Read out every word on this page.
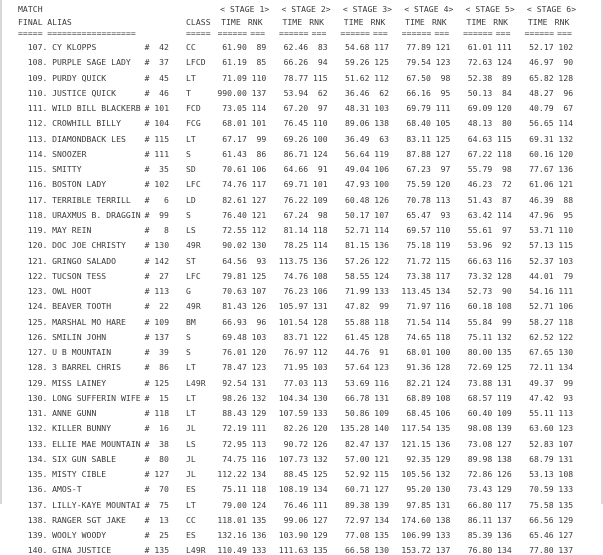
MATCH	< STAGE 1> < STAGE 2> < STAGE 3> < STAGE 4> < STAGE 5> < STAGE 6>
FINAL ALIAS	CLASS TIME RNK TIME RNK TIME RNK TIME RNK TIME RNK TIME RNK
===== ==================	===== ====== === ====== === ====== === ====== === ====== === ====== ===
107. CY KLOPPS	#	42 CC	61.90	89	62.46	83	54.68 117	77.89 121	61.01 111	52.17 102
108. PURPLE SAGE LADY #	37 LFCD	61.19	85	66.26	94	59.26 125	79.54 123	72.63 124	46.97	90
109. PURDY QUICK	#	45 LT	71.09 110	78.77 115	51.62 112	67.50	98	52.38	89	65.82 128
110. JUSTICE QUICK	#	46 T	990.00 137	53.94	62	36.46	62	66.16	95	50.13	84	48.27	96
111. WILD BILL BLACKERB # 101 FCD	73.05 114	67.20	97	48.31 103	69.79 111	69.09 120	40.79	67
112. CROWHILL BILLY	# 104 FCG	68.01 101	76.45 110	89.06 138	68.40 105	48.13	80	56.65 114
113. DIAMONDBACK LES # 115 LT	67.17	99	69.26 100	36.49	63	83.11 125	64.63 115	69.31 132
114. SNOOZER	# 111 S	61.43	86	86.71 124	56.64 119	87.88 127	67.22 118	60.16 120
115. SMITTY	#	35 SD	70.61 106	64.66	91	49.04 106	67.23	97	55.79	98	77.67 136
116. BOSTON LADY	# 102 LFC	74.76 117	69.71 101	47.93 100	75.59 120	46.23	72	61.06 121
117. TERRIBLE TERRILL #	6 LD	82.61 127	76.22 109	60.48 126	70.78 113	51.43	87	46.39	88
118. URAXMUS B. DRAGGIN #	99 S	76.40 121	67.24	98	50.17 107	65.47	93	63.42 114	47.96	95
119. MAY REIN	#	8 LS	72.55 112	81.14 118	52.71 114	69.57 110	55.61	97	53.71 110
120. DOC JOE CHRISTY # 130 49R	90.02 130	78.25 114	81.15 136	75.18 119	53.96	92	57.13 115
121. GRINGO SALADO	# 142 ST	64.56	93	113.75 136	57.26 122	71.72 115	66.63 116	52.37 103
122. TUCSON TESS	#	27 LFC	79.81 125	74.76 108	58.55 124	73.38 117	73.32 128	44.01	79
123. OWL HOOT	# 113 G	70.63 107	76.23 106	71.99 133	113.45 134	52.73	90	54.16 111
124. BEAVER TOOTH	#	22 49R	81.43 126	105.97 131	47.82	99	71.97 116	60.18 108	52.71 106
125. MARSHAL MO HARE # 109 BM	66.93	96	101.54 128	55.88 118	71.54 114	55.84	99	58.27 118
126. SMILIN JOHN	# 137 S	69.48 103	83.71 122	61.45 128	74.65 118	75.11 132	62.52 122
127. U B MOUNTAIN	#	39 S	76.01 120	76.97 112	44.76	91	68.01 100	80.00 135	67.65 130
128. 3 BARREL CHRIS	#	86 LT	78.47 123	71.95 103	57.64 123	91.36 128	72.69 125	72.11 134
129. MISS LAINEY	# 125 L49R	92.54 131	77.03 113	53.69 116	82.21 124	73.88 131	49.37	99
130. LONG SUFFERIN WIFE #	15 LT	98.26 132	104.34 130	66.78 131	68.89 108	68.57 119	47.42	93
131. ANNE GUNN	# 118 LT	88.43 129	107.59 133	50.86 109	68.45 106	60.40 109	55.11 113
132. KILLER BUNNY	#	16 JL	72.19 111	82.26 120	135.28 140	117.54 135	98.08 139	63.60 123
133. ELLIE MAE MOUNTAIN #	38 LS	72.95 113	90.72 126	82.47 137	121.15 136	73.08 127	52.83 107
134. SIX GUN SABLE	#	80 JL	74.75 116	107.73 132	57.00 121	92.35 129	89.98 138	68.79 131
135. MISTY CIBLE	# 127 JL	112.22 134	88.45 125	52.92 115	105.56 132	72.86 126	53.13 108
136. AMOS-T	#	70 ES	75.11 118	108.19 134	60.71 127	95.20 130	73.43 129	70.59 133
137. LILLY-KAYE MOUNTAI #	75 LT	79.00 124	76.46 111	89.38 139	97.85 131	66.80 117	75.58 135
138. RANGER SGT JAKE #	13 CC	118.01 135	99.06 127	72.97 134	174.60 138	86.11 137	66.56 129
139. WOOLY WOODY	#	25 ES	132.16 136	103.90 129	77.08 135	106.99 133	85.39 136	65.46 127
140. GINA JUSTICE	# 135 L49R	110.49 133	111.63 135	66.58 130	153.72 137	76.80 134	77.80 137
